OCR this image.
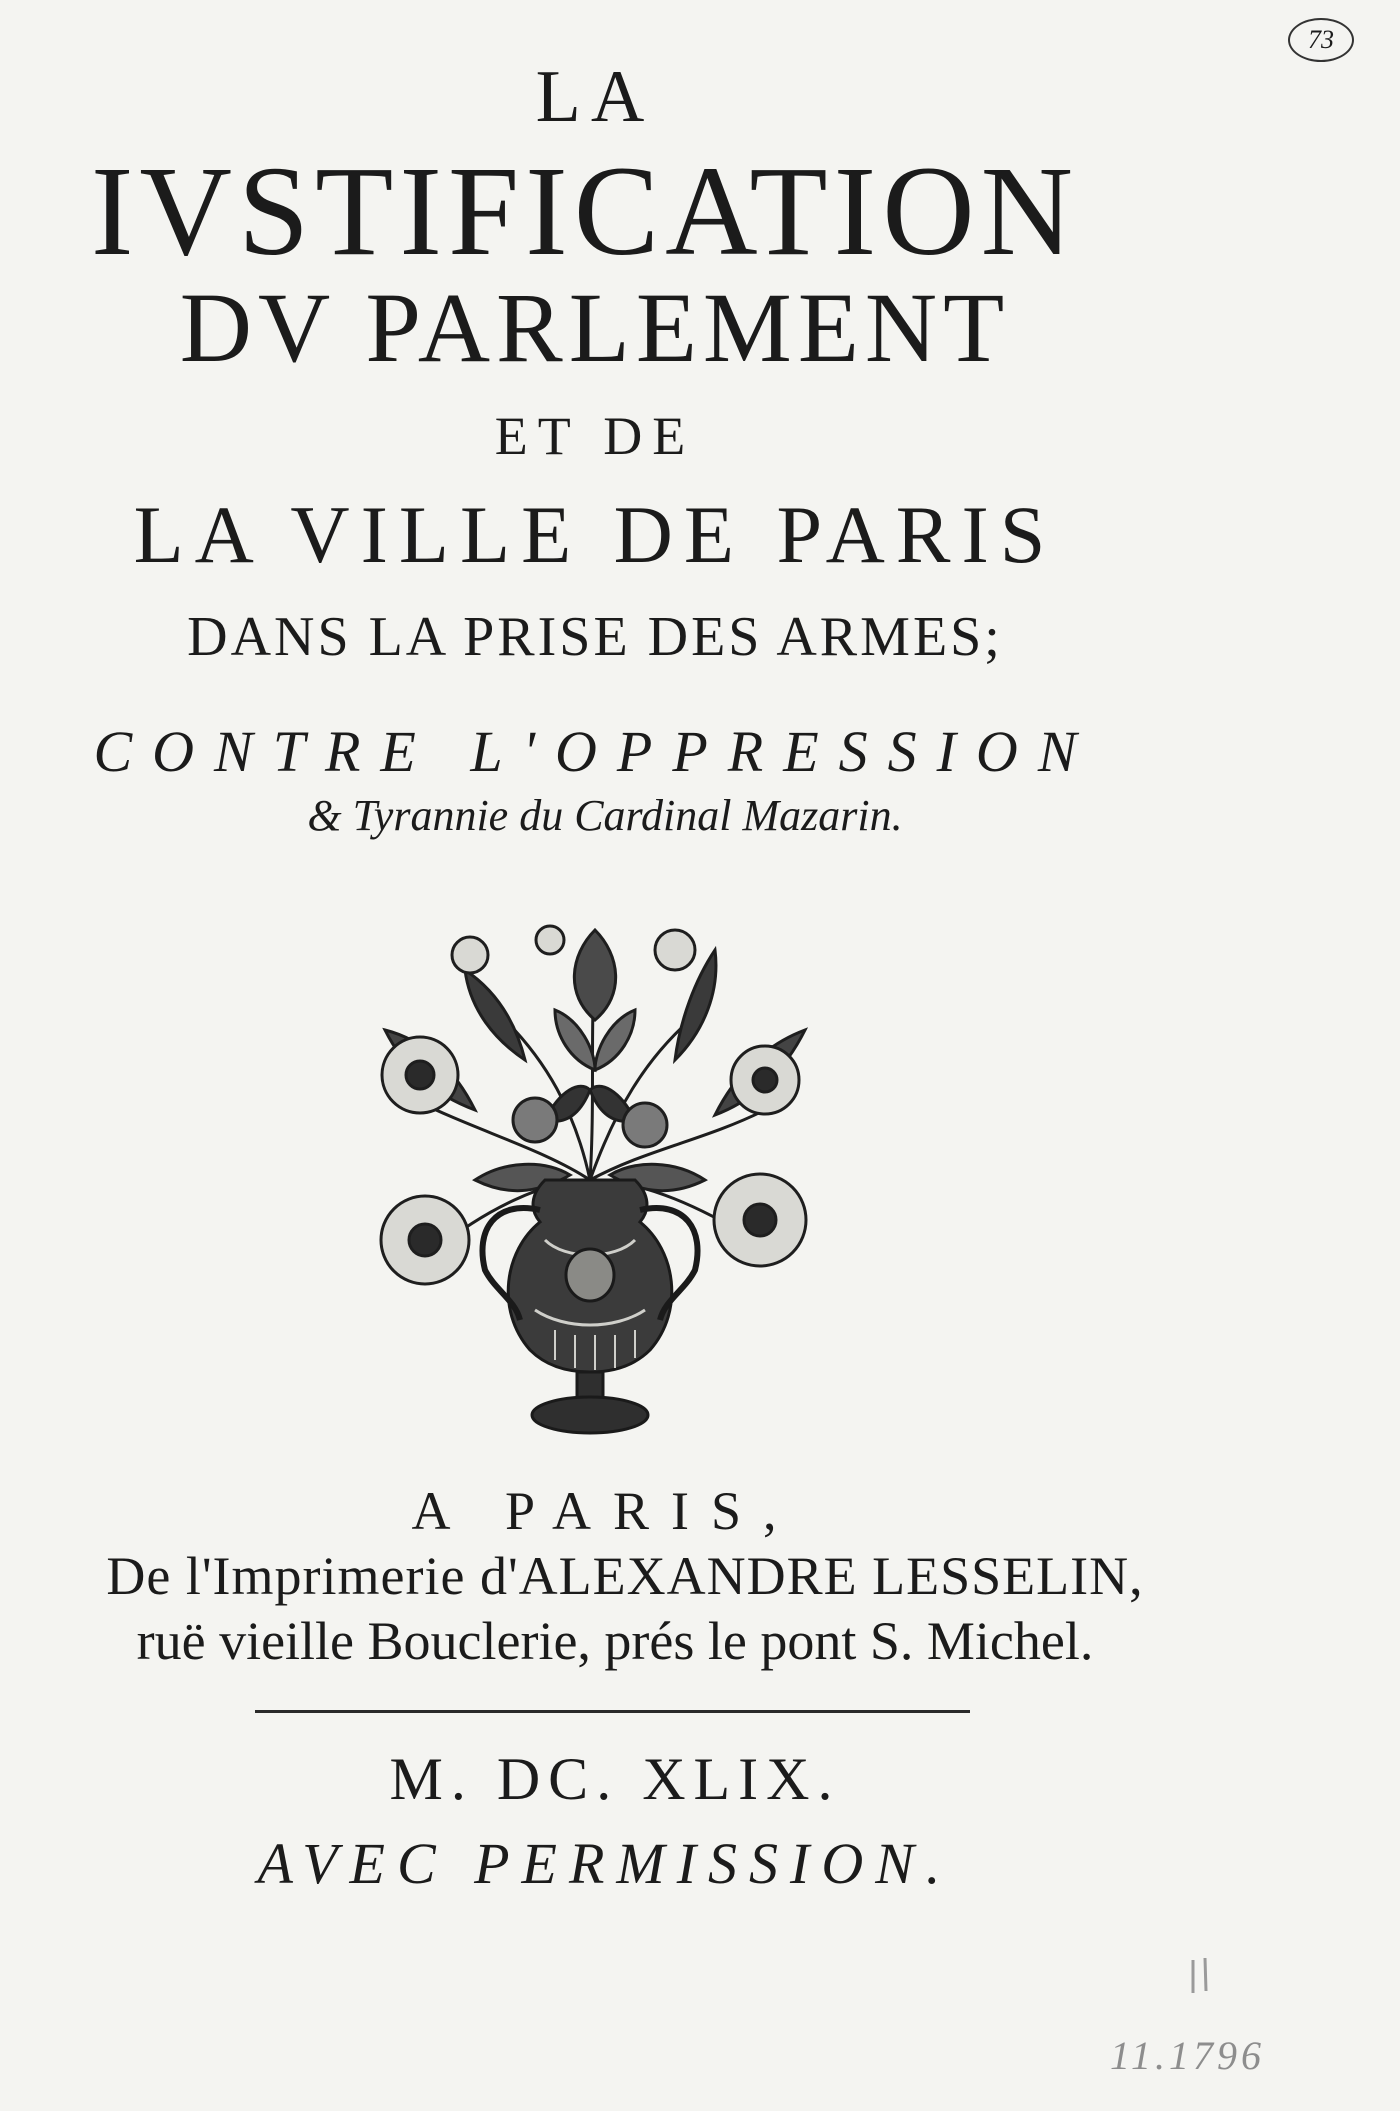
73
LA
IVSTIFICATION
DV PARLEMENT
ET DE
LA VILLE DE PARIS
DANS LA PRISE DES ARMES;
CONTRE L'OPPRESSION
& Tyrannie du Cardinal Mazarin.
A PARIS,
De l'Imprimerie d'ALEXANDRE LESSELIN,
ruë vieille Bouclerie, prés le pont S. Michel.
M. DC. XLIX.
AVEC PERMISSION.
11.1796
